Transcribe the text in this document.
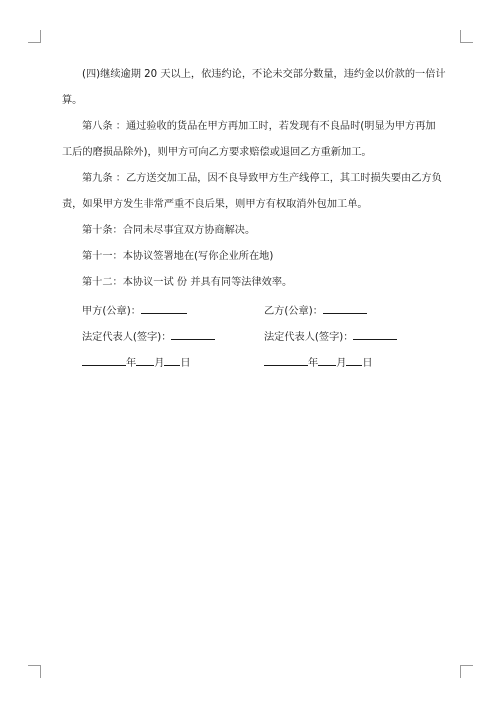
(四)继续逾期 20 天以上，依违约论，不论未交部分数量，违约金以价款的一倍计

算。

第八条 ：通过验收的货品在甲方再加工时，若发现有不良品时(明显为甲方再加

工后的磨损品除外)，则甲方可向乙方要求赔偿或退回乙方重新加工。

第九条 ：乙方送交加工品，因不良导致甲方生产线停工，其工时损失要由乙方负

责，如果甲方发生非常严重不良后果，则甲方有权取消外包加工单。

第十条：合同未尽事宜双方协商解决。

第十一：本协议签署地在(写你企业所在地)

第十二：本协议一试 份 并具有同等法律效率。

甲方(公章)：	乙方(公章)：
法定代表人(签字)：	法定代表人(签字)：
年 月 日	年 月 日
